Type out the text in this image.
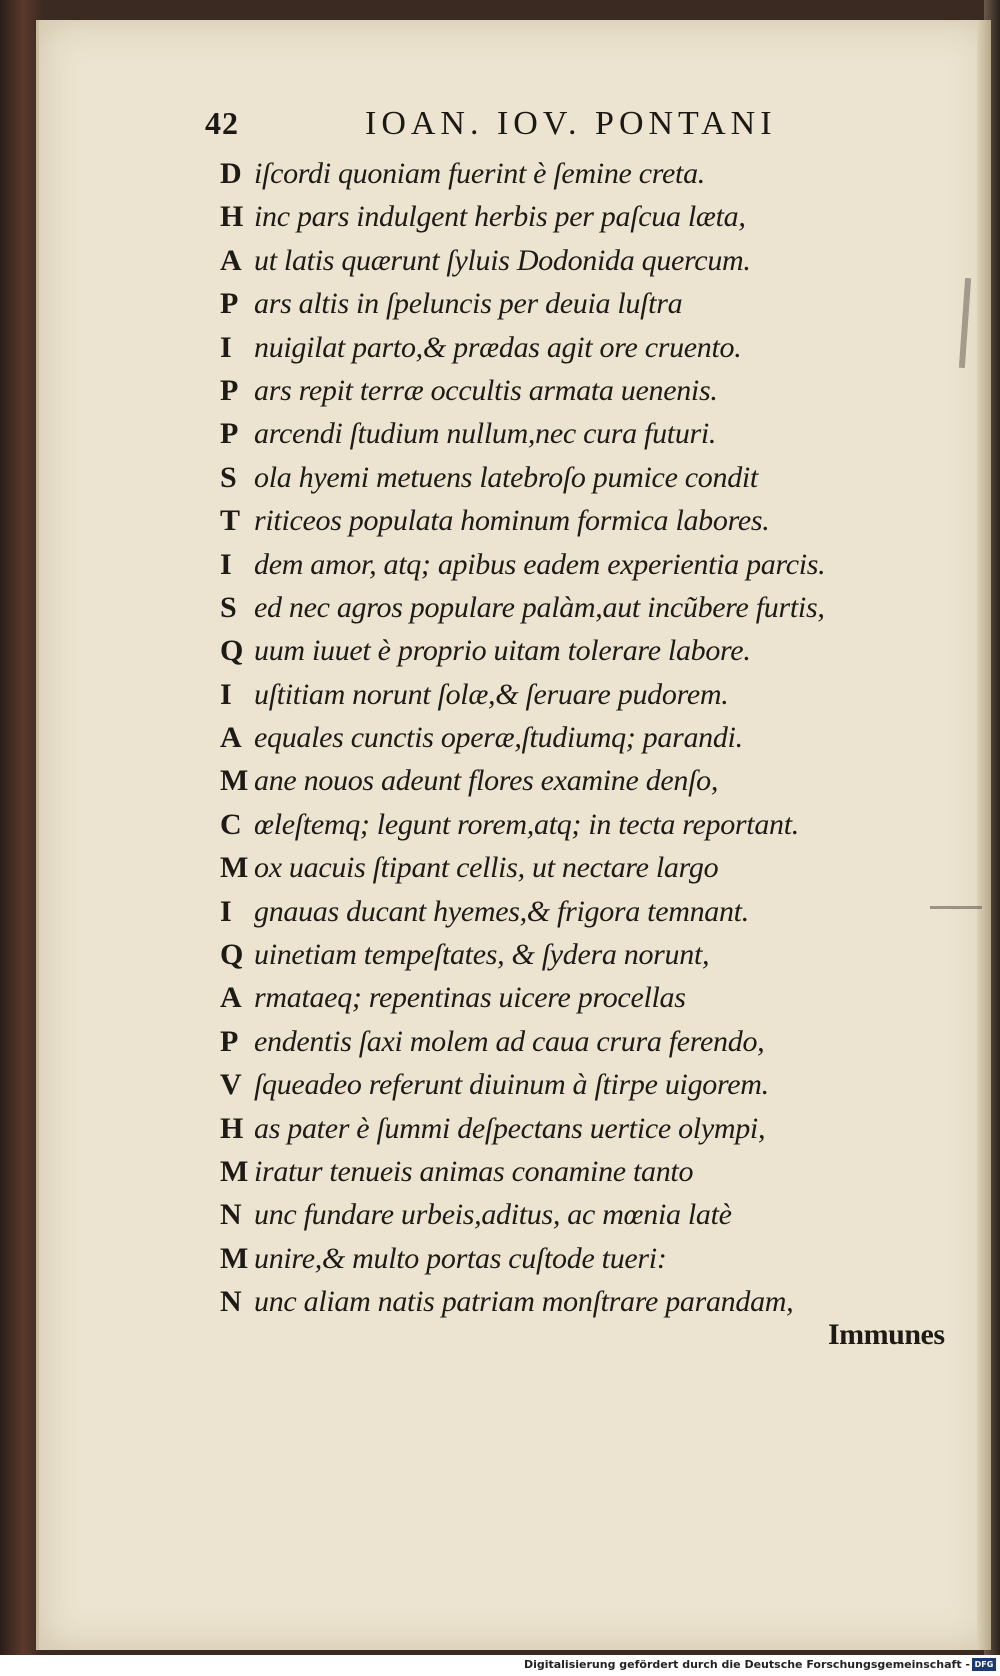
42	IOAN. IOV. PONTANI
D iſcordi quoniam fuerint è ſemine creta.
H inc pars indulgent herbis per paſcua læta,
A ut latis quærunt ſyluis Dodonida quercum.
P ars altis in ſpeluncis per deuia luſtra
I nuigilat parto,& prædas agit ore cruento.
P ars repit terræ occultis armata uenenis.
P arcendi ſtudium nullum,nec cura futuri.
S ola hyemi metuens latebroſo pumice condit
T riticeos populata hominum formica labores.
I dem amor, atq; apibus eadem experientia parcis.
S ed nec agros populare palàm,aut incũbere furtis,
Q uum iuuet è proprio uitam tolerare labore.
I uſtitiam norunt ſolæ,& ſeruare pudorem.
A equales cunctis operæ,ſtudiumq; parandi.
M ane nouos adeunt flores examine denſo,
C œleſtemq; legunt rorem,atq; in tecta reportant.
M ox uacuis ſtipant cellis, ut nectare largo
I gnauas ducant hyemes,& frigora temnant.
Q uinetiam tempeſtates, & ſydera norunt,
A rmataeq; repentinas uicere procellas
P endentis ſaxi molem ad caua crura ferendo,
V ſqueadeo referunt diuinum à ſtirpe uigorem.
H as pater è ſummi deſpectans uertice olympi,
M iratur tenueis animas conamine tanto
N unc fundare urbeis,aditus, ac mœnia latè
M unire,& multo portas cuſtode tueri:
N unc aliam natis patriam monſtrare parandam,
Immunes
Digitalisierung gefördert durch die Deutsche Forschungsgemeinschaft - DFG
